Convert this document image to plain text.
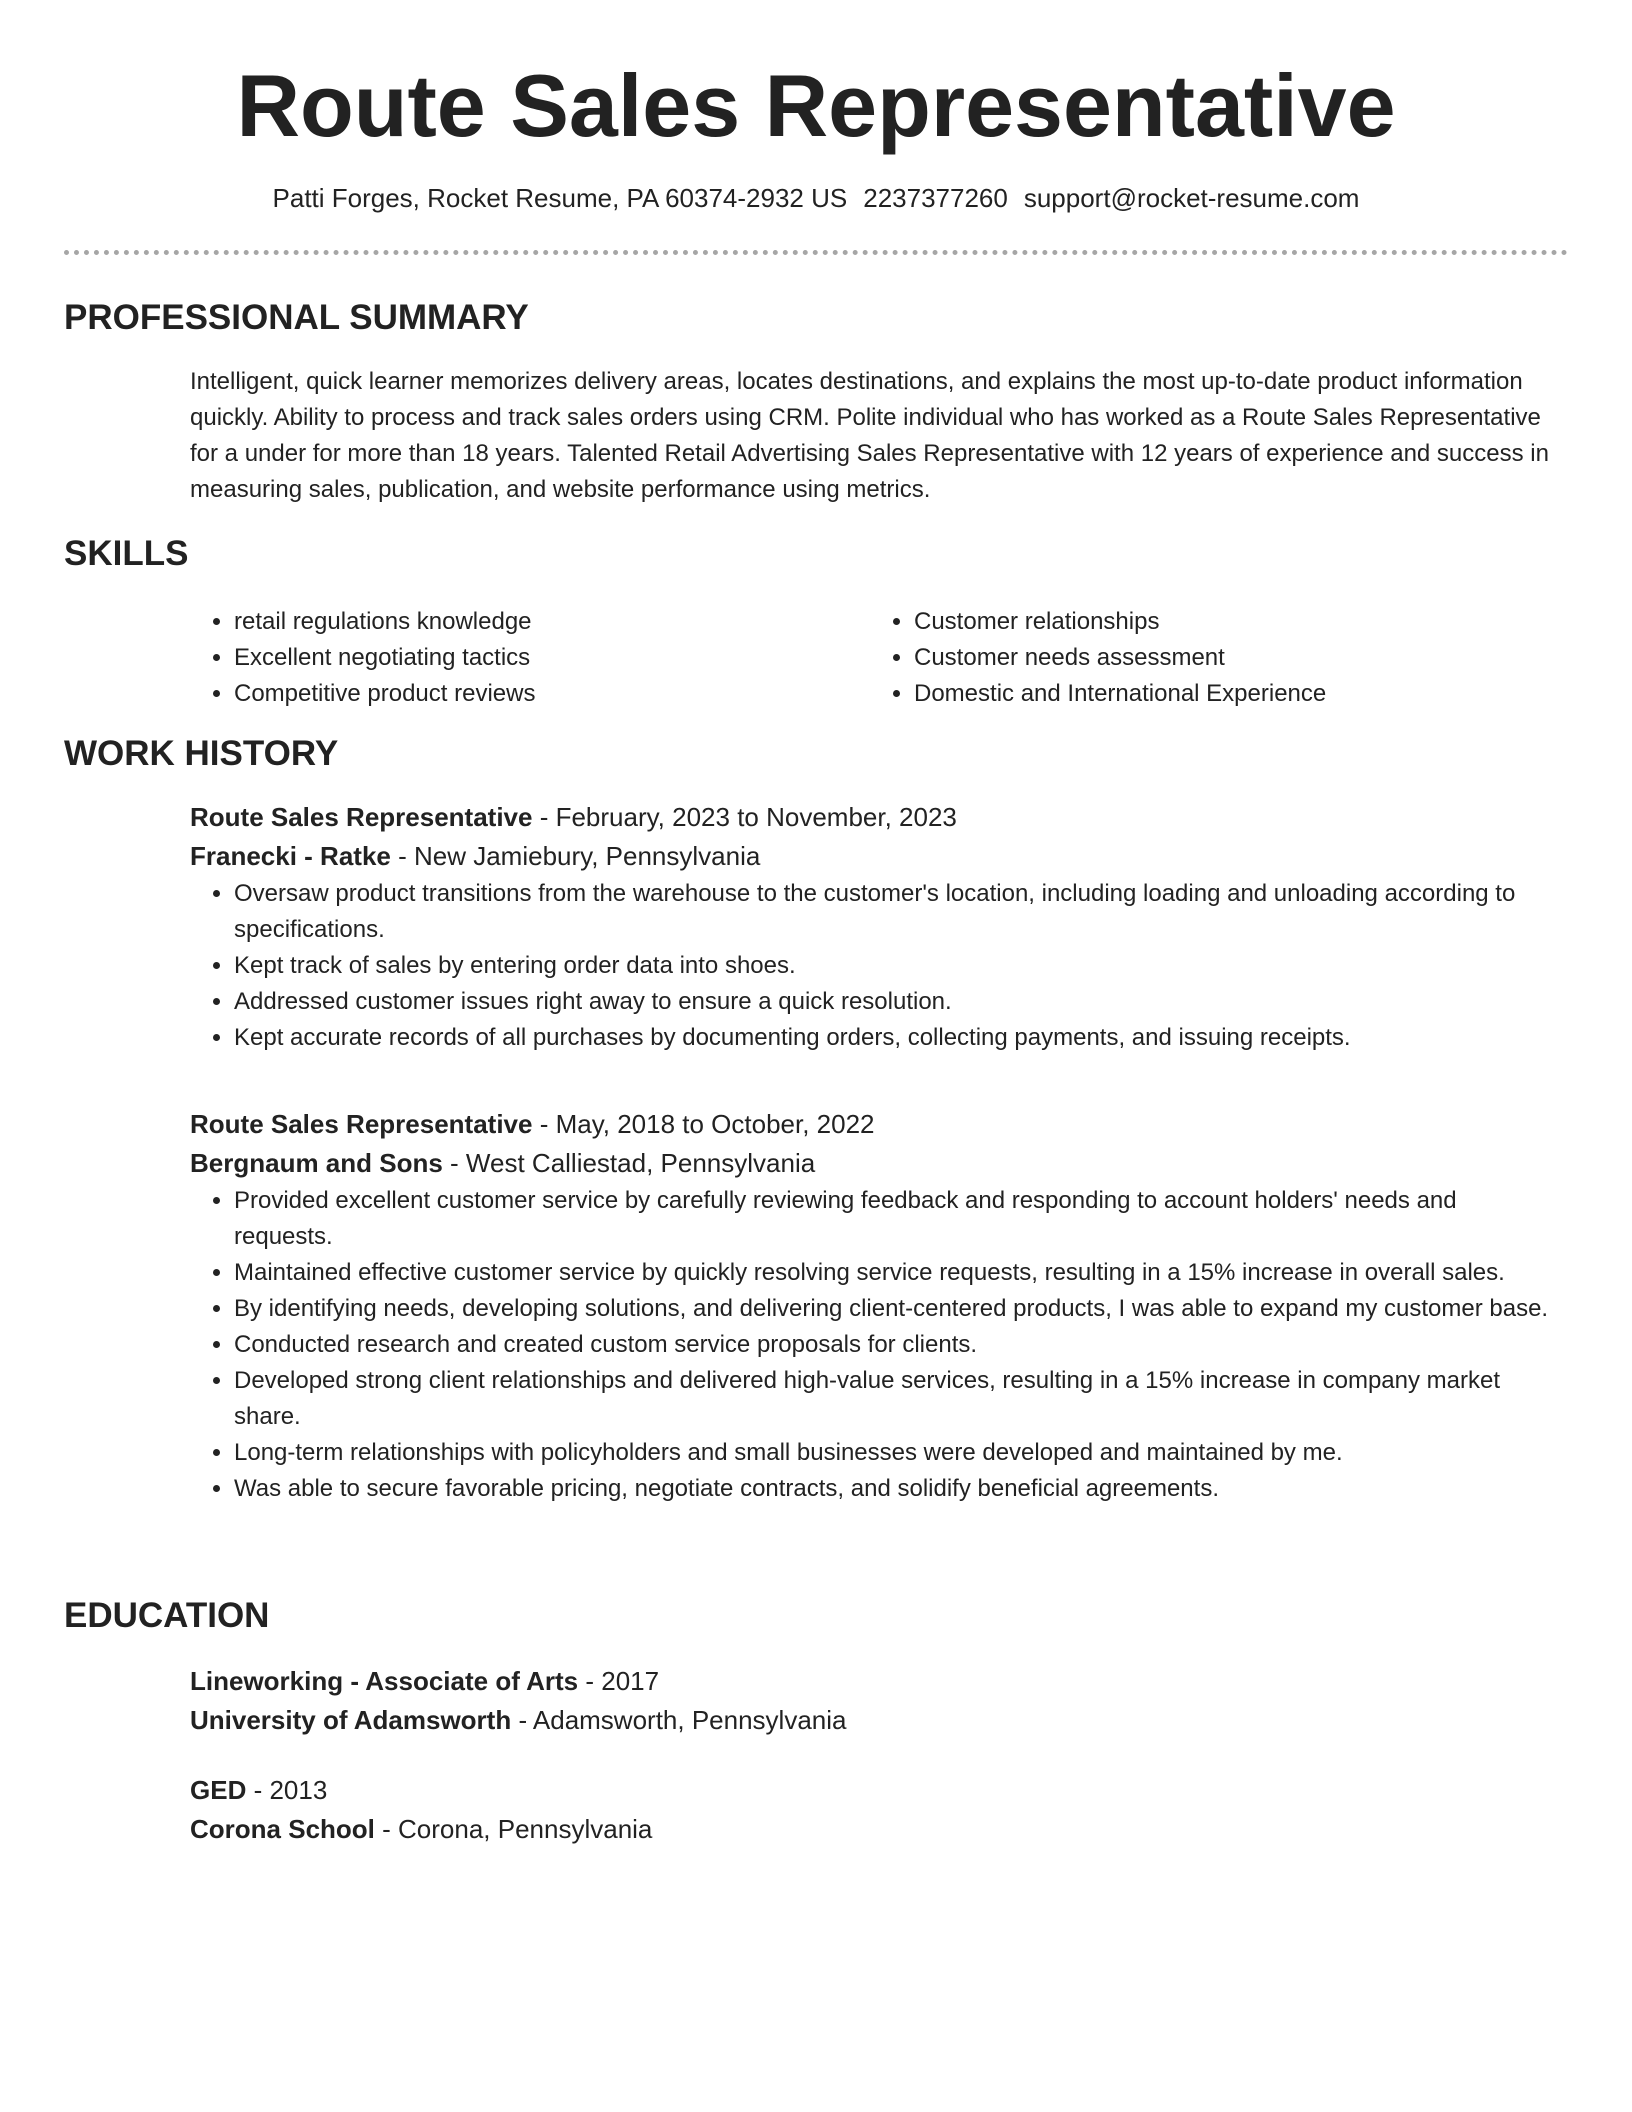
Route Sales Representative
Patti Forges, Rocket Resume, PA 60374-2932 US 2237377260 support@rocket-resume.com
PROFESSIONAL SUMMARY
Intelligent, quick learner memorizes delivery areas, locates destinations, and explains the most up-to-date product information quickly. Ability to process and track sales orders using CRM. Polite individual who has worked as a Route Sales Representative for a under for more than 18 years. Talented Retail Advertising Sales Representative with 12 years of experience and success in measuring sales, publication, and website performance using metrics.
SKILLS
• retail regulations knowledge
• Excellent negotiating tactics
• Competitive product reviews
• Customer relationships
• Customer needs assessment
• Domestic and International Experience
WORK HISTORY
Route Sales Representative - February, 2023 to November, 2023
Franecki - Ratke - New Jamiebury, Pennsylvania
• Oversaw product transitions from the warehouse to the customer's location, including loading and unloading according to specifications.
• Kept track of sales by entering order data into shoes.
• Addressed customer issues right away to ensure a quick resolution.
• Kept accurate records of all purchases by documenting orders, collecting payments, and issuing receipts.
Route Sales Representative - May, 2018 to October, 2022
Bergnaum and Sons - West Calliestad, Pennsylvania
• Provided excellent customer service by carefully reviewing feedback and responding to account holders' needs and requests.
• Maintained effective customer service by quickly resolving service requests, resulting in a 15% increase in overall sales.
• By identifying needs, developing solutions, and delivering client-centered products, I was able to expand my customer base.
• Conducted research and created custom service proposals for clients.
• Developed strong client relationships and delivered high-value services, resulting in a 15% increase in company market share.
• Long-term relationships with policyholders and small businesses were developed and maintained by me.
• Was able to secure favorable pricing, negotiate contracts, and solidify beneficial agreements.
EDUCATION
Lineworking - Associate of Arts - 2017
University of Adamsworth - Adamsworth, Pennsylvania
GED - 2013
Corona School - Corona, Pennsylvania
